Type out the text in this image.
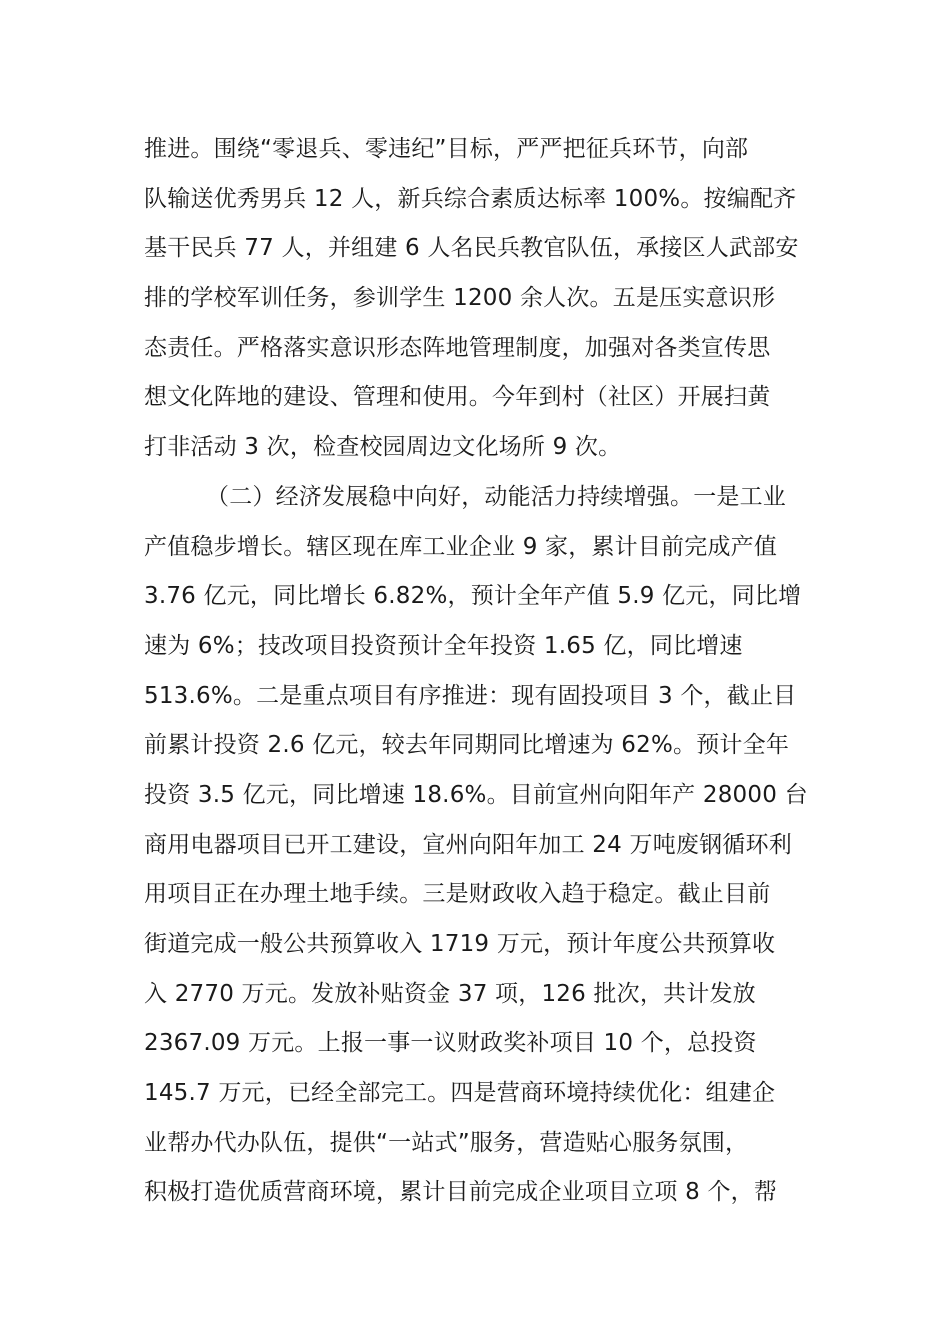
推进。围绕“零退兵、零违纪”目标，严严把征兵环节，向部
队输送优秀男兵 12 人，新兵综合素质达标率 100%。按编配齐
基干民兵 77 人，并组建 6 人名民兵教官队伍，承接区人武部安
排的学校军训任务，参训学生 1200 余人次。五是压实意识形
态责任。严格落实意识形态阵地管理制度，加强对各类宣传思
想文化阵地的建设、管理和使用。今年到村（社区）开展扫黄
打非活动 3 次，检查校园周边文化场所 9 次。
（二）经济发展稳中向好，动能活力持续增强。一是工业
产值稳步增长。辖区现在库工业企业 9 家，累计目前完成产值
3.76 亿元，同比增长 6.82%，预计全年产值 5.9 亿元，同比增
速为 6%；技改项目投资预计全年投资 1.65 亿，同比增速
513.6%。二是重点项目有序推进：现有固投项目 3 个，截止目
前累计投资 2.6 亿元，较去年同期同比增速为 62%。预计全年
投资 3.5 亿元，同比增速 18.6%。目前宣州向阳年产 28000 台
商用电器项目已开工建设，宣州向阳年加工 24 万吨废钢循环利
用项目正在办理土地手续。三是财政收入趋于稳定。截止目前
街道完成一般公共预算收入 1719 万元，预计年度公共预算收
入 2770 万元。发放补贴资金 37 项，126 批次，共计发放
2367.09 万元。上报一事一议财政奖补项目 10 个，总投资
145.7 万元，已经全部完工。四是营商环境持续优化：组建企
业帮办代办队伍，提供“一站式”服务，营造贴心服务氛围，
积极打造优质营商环境，累计目前完成企业项目立项 8 个，帮
